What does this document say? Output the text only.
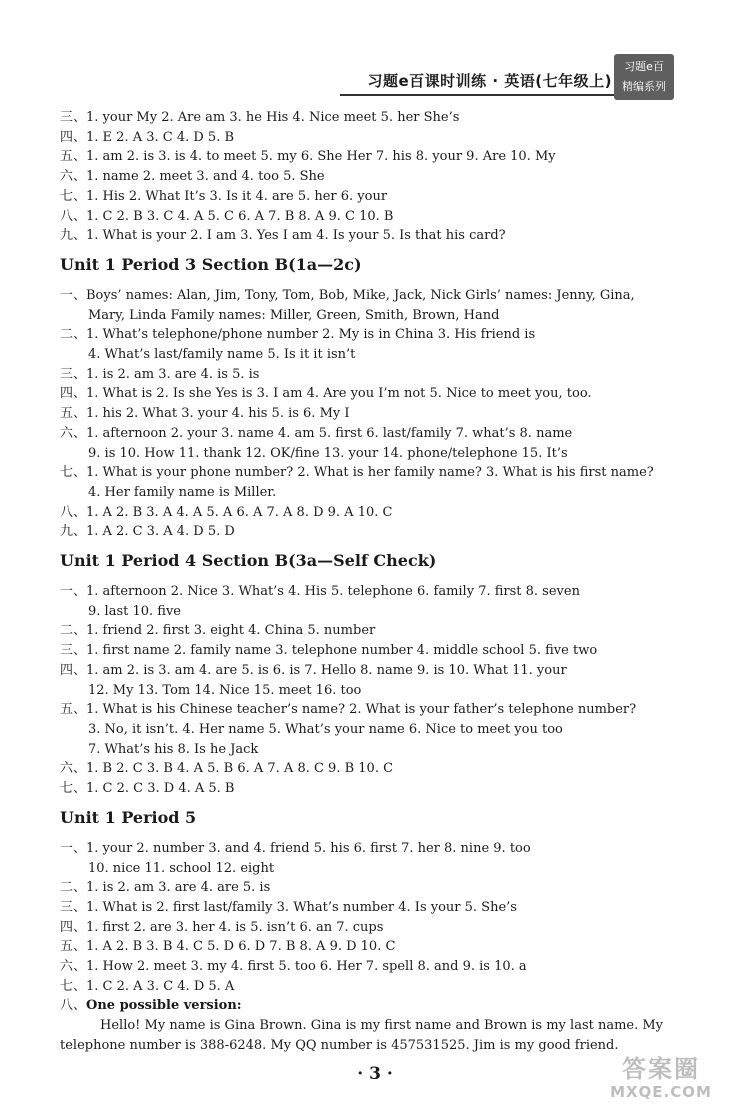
习题e百课时训练 · 英语(七年级上)
习题e百
精编系列
三、1. your My 2. Are am 3. he His 4. Nice meet 5. her She’s
四、1. E 2. A 3. C 4. D 5. B
五、1. am 2. is 3. is 4. to meet 5. my 6. She Her 7. his 8. your 9. Are 10. My
六、1. name 2. meet 3. and 4. too 5. She
七、1. His 2. What It’s 3. Is it 4. are 5. her 6. your
八、1. C 2. B 3. C 4. A 5. C 6. A 7. B 8. A 9. C 10. B
九、1. What is your 2. I am 3. Yes I am 4. Is your 5. Is that his card?
Unit 1 Period 3 Section B(1a—2c)
一、Boys’ names: Alan, Jim, Tony, Tom, Bob, Mike, Jack, Nick Girls’ names: Jenny, Gina,
Mary, Linda Family names: Miller, Green, Smith, Brown, Hand
二、1. What’s telephone/phone number 2. My is in China 3. His friend is
4. What’s last/family name 5. Is it it isn’t
三、1. is 2. am 3. are 4. is 5. is
四、1. What is 2. Is she Yes is 3. I am 4. Are you I’m not 5. Nice to meet you, too.
五、1. his 2. What 3. your 4. his 5. is 6. My I
六、1. afternoon 2. your 3. name 4. am 5. first 6. last/family 7. what’s 8. name
9. is 10. How 11. thank 12. OK/fine 13. your 14. phone/telephone 15. It’s
七、1. What is your phone number? 2. What is her family name? 3. What is his first name?
4. Her family name is Miller.
八、1. A 2. B 3. A 4. A 5. A 6. A 7. A 8. D 9. A 10. C
九、1. A 2. C 3. A 4. D 5. D
Unit 1 Period 4 Section B(3a—Self Check)
一、1. afternoon 2. Nice 3. What’s 4. His 5. telephone 6. family 7. first 8. seven
9. last 10. five
二、1. friend 2. first 3. eight 4. China 5. number
三、1. first name 2. family name 3. telephone number 4. middle school 5. five two
四、1. am 2. is 3. am 4. are 5. is 6. is 7. Hello 8. name 9. is 10. What 11. your
12. My 13. Tom 14. Nice 15. meet 16. too
五、1. What is his Chinese teacher’s name? 2. What is your father’s telephone number?
3. No, it isn’t. 4. Her name 5. What’s your name 6. Nice to meet you too
7. What’s his 8. Is he Jack
六、1. B 2. C 3. B 4. A 5. B 6. A 7. A 8. C 9. B 10. C
七、1. C 2. C 3. D 4. A 5. B
Unit 1 Period 5
一、1. your 2. number 3. and 4. friend 5. his 6. first 7. her 8. nine 9. too
10. nice 11. school 12. eight
二、1. is 2. am 3. are 4. are 5. is
三、1. What is 2. first last/family 3. What’s number 4. Is your 5. She’s
四、1. first 2. are 3. her 4. is 5. isn’t 6. an 7. cups
五、1. A 2. B 3. B 4. C 5. D 6. D 7. B 8. A 9. D 10. C
六、1. How 2. meet 3. my 4. first 5. too 6. Her 7. spell 8. and 9. is 10. a
七、1. C 2. A 3. C 4. D 5. A
八、One possible version:
Hello! My name is Gina Brown. Gina is my first name and Brown is my last name. My telephone number is 388-6248. My QQ number is 457531525. Jim is my good friend.
· 3 ·	答案圈
MXQE.COM
